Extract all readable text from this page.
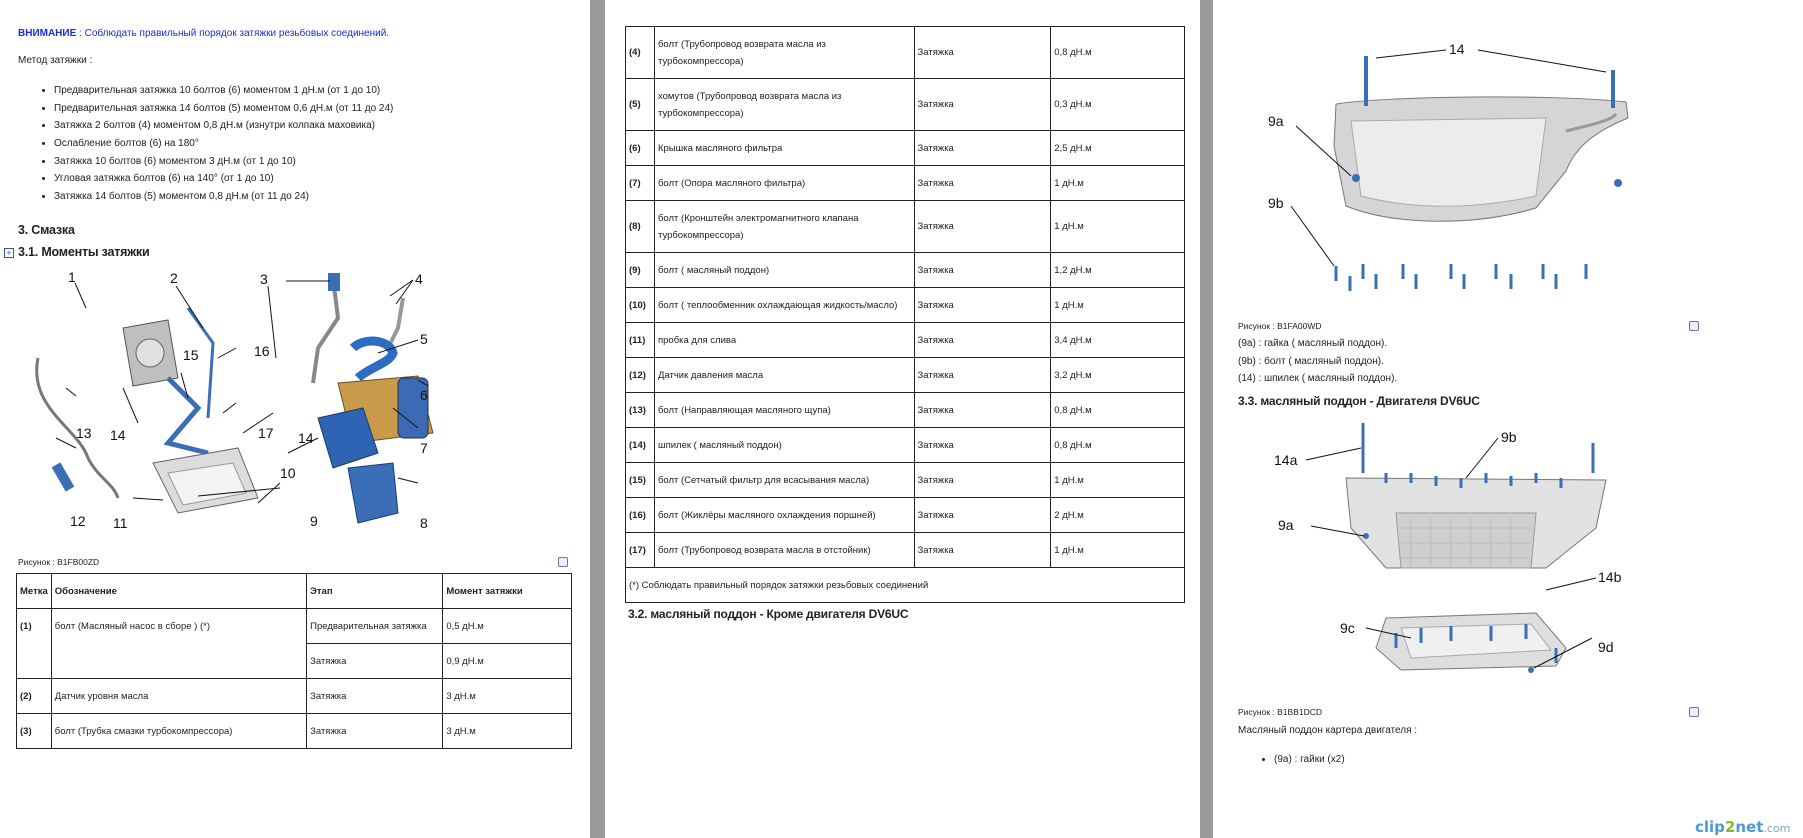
ВНИМАНИЕ : Соблюдать правильный порядок затяжки резьбовых соединений.
Метод затяжки :
• Предварительная затяжка 10 болтов (6) моментом 1 дН.м (от 1 до 10)
• Предварительная затяжка 14 болтов (5) моментом 0,6 дН.м (от 11 до 24)
• Затяжка 2 болтов (4) моментом 0,8 дН.м (изнутри колпака маховика)
• Ослабление болтов (6) на 180°
• Затяжка 10 болтов (6) моментом 3 дН.м (от 1 до 10)
• Угловая затяжка болтов (6) на 140° (от 1 до 10)
• Затяжка 14 болтов (5) моментом 0,8 дН.м (от 11 до 24)
3. Смазка
+ 3.1. Моменты затяжки
1	2	3	4
5
6
7
8
9
10
11
12
13 14	14
15	16
17
Рисунок : B1FB00ZD
Метка	Обозначение	Этап	Момент затяжки
(1)	болт (Масляный насос в сборе ) (*)	Предварительная затяжка	0,5 дН.м
		Затяжка	0,9 дН.м
(2)	Датчик уровня масла	Затяжка	3 дН.м
(3)	болт (Трубка смазки турбокомпрессора)	Затяжка	3 дН.м
(4)	болт (Трубопровод возврата масла из турбокомпрессора)	Затяжка	0,8 дН.м
(5)	хомутов (Трубопровод возврата масла из турбокомпрессора)	Затяжка	0,3 дН.м
(6)	Крышка масляного фильтра	Затяжка	2,5 дН.м
(7)	болт (Опора масляного фильтра)	Затяжка	1 дН.м
(8)	болт (Кронштейн электромагнитного клапана турбокомпрессора)	Затяжка	1 дН.м
(9)	болт ( масляный поддон)	Затяжка	1,2 дН.м
(10)	болт ( теплообменник охлаждающая жидкость/масло)	Затяжка	1 дН.м
(11)	пробка для слива	Затяжка	3,4 дН.м
(12)	Датчик давления масла	Затяжка	3,2 дН.м
(13)	болт (Направляющая масляного щупа)	Затяжка	0,8 дН.м
(14)	шпилек ( масляный поддон)	Затяжка	0,8 дН.м
(15)	болт (Сетчатый фильтр для всасывания масла)	Затяжка	1 дН.м
(16)	болт (Жиклёры масляного охлаждения поршней)	Затяжка	2 дН.м
(17)	болт (Трубопровод возврата масла в отстойник)	Затяжка	1 дН.м
(*) Соблюдать правильный порядок затяжки резьбовых соединений			
3.2. масляный поддон - Кроме двигателя DV6UC
14
9a
9b
Рисунок : B1FA00WD
(9a) : гайка ( масляный поддон).
(9b) : болт ( масляный поддон).
(14) : шпилек ( масляный поддон).
3.3. масляный поддон - Двигателя DV6UC
14a
9b
9a
14b
9c
9d
Рисунок : B1BB1DCD
Масляный поддон картера двигателя :
• (9a) : гайки (x2)
clip2net.com
